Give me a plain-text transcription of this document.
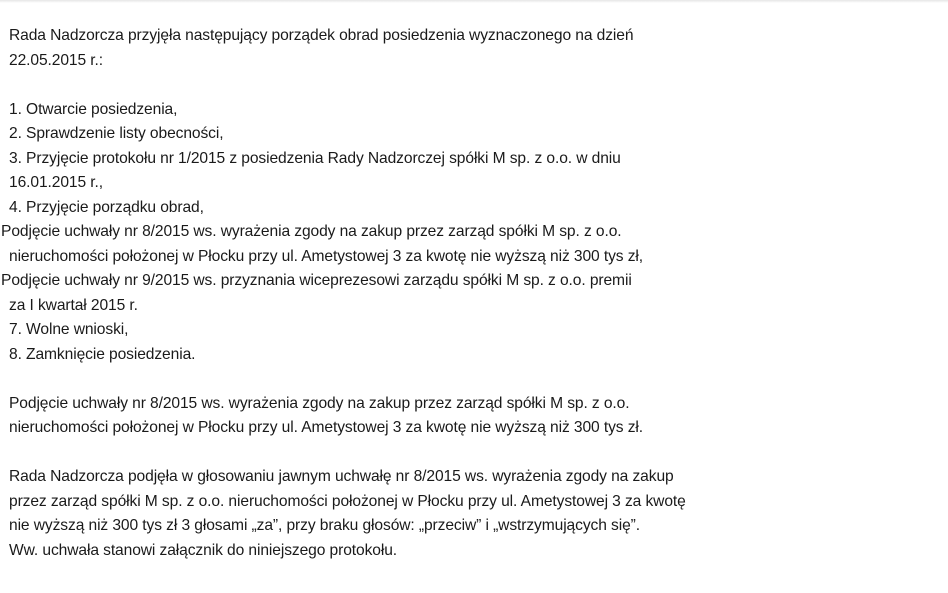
Rada Nadzorcza przyjęła następujący porządek obrad posiedzenia wyznaczonego na dzień
22.05.2015 r.:

1. Otwarcie posiedzenia,
2. Sprawdzenie listy obecności,
3. Przyjęcie protokołu nr 1/2015 z posiedzenia Rady Nadzorczej spółki M sp. z o.o. w dniu
16.01.2015 r.,
4. Przyjęcie porządku obrad,
Podjęcie uchwały nr 8/2015 ws. wyrażenia zgody na zakup przez zarząd spółki M sp. z o.o.
nieruchomości położonej w Płocku przy ul. Ametystowej 3 za kwotę nie wyższą niż 300 tys zł,
Podjęcie uchwały nr 9/2015 ws. przyznania wiceprezesowi zarządu spółki M sp. z o.o. premii
za I kwartał 2015 r.
7. Wolne wnioski,
8. Zamknięcie posiedzenia.

Podjęcie uchwały nr 8/2015 ws. wyrażenia zgody na zakup przez zarząd spółki M sp. z o.o.
nieruchomości położonej w Płocku przy ul. Ametystowej 3 za kwotę nie wyższą niż 300 tys zł.

Rada Nadzorcza podjęła w głosowaniu jawnym uchwałę nr 8/2015 ws. wyrażenia zgody na zakup
przez zarząd spółki M sp. z o.o. nieruchomości położonej w Płocku przy ul. Ametystowej 3 za kwotę
nie wyższą niż 300 tys zł 3 głosami „za”, przy braku głosów: „przeciw” i „wstrzymujących się”.
Ww. uchwała stanowi załącznik do niniejszego protokołu.
